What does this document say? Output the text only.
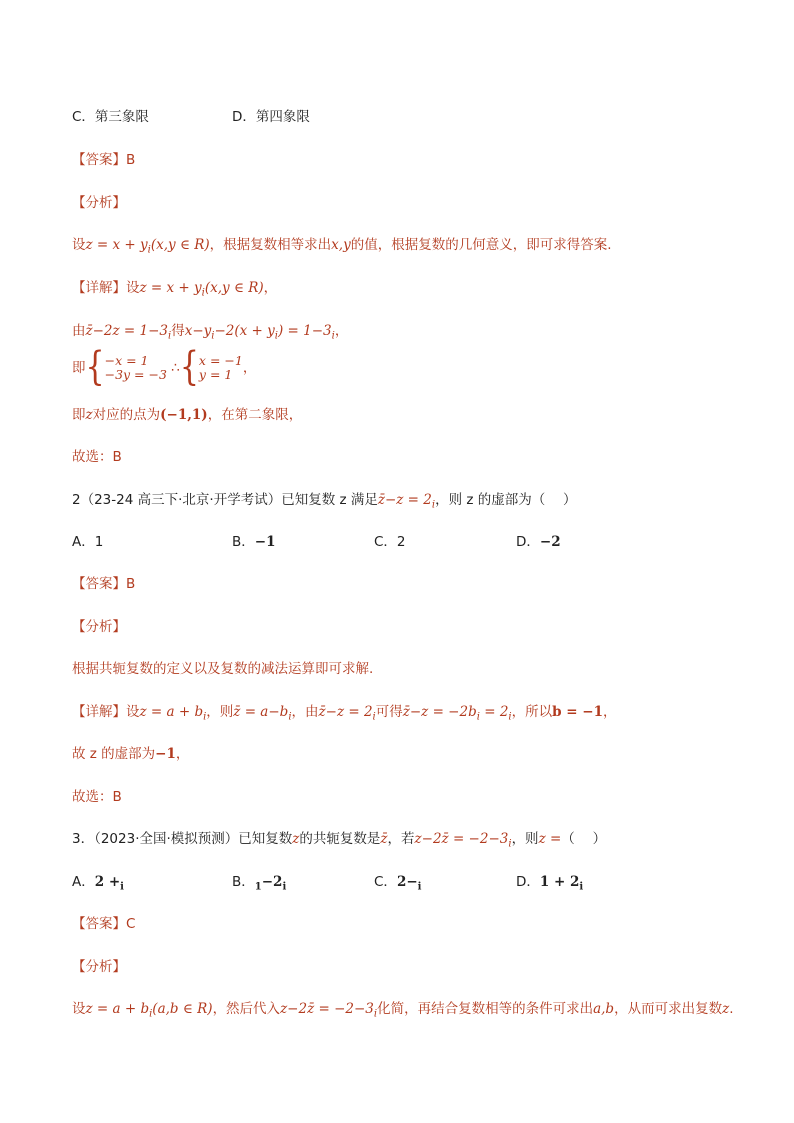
C．第三象限	D．第四象限
【答案】B
【分析】
设$z = x + y_i(x,y$ ∈ R)，根据复数相等求出x,y的值，根据复数的几何意义，即可求得答案.
【详解】设$z = x + y_i(x,y$ ∈ R)，
由z̄−2z = $1-3_i$得$x-y_i-2(x + y_i) = 1-3_i$，
即{ −x = 1
−3y = −3 ∴{ x = −1
y = 1 ，
即z对应的点为(−1,1)，在第二象限，
故选：B
2（23-24 高三下·北京·开学考试）已知复数 z 满足z̄−z = $2_i$，则 z 的虚部为（　 ）
A．1	B．−1	C．2	D．−2
【答案】B
【分析】
根据共轭复数的定义以及复数的减法运算即可求解.
【详解】设$z = a + b_i$，则z̄ = $a-b_i$，由z̄−z = $2_i$可得z̄−z = $-2b_i = 2_i$，所以b = −1，
故 z 的虚部为−1，
故选：B
3．（2023·全国·模拟预测）已知复数z的共轭复数是z̄，若z−2z̄ = $-2-3_i$，则z =（　 ）
A．$2 +_i$	B．$_1-2_i$	C．$2-_i$	D．$1 + 2_i$
【答案】C
【分析】
设$z = a + b_i(a,b$ ∈ R)，然后代入z−2z̄ = $-2-3_i$化简，再结合复数相等的条件可求出a,b，从而可求出复数z.
